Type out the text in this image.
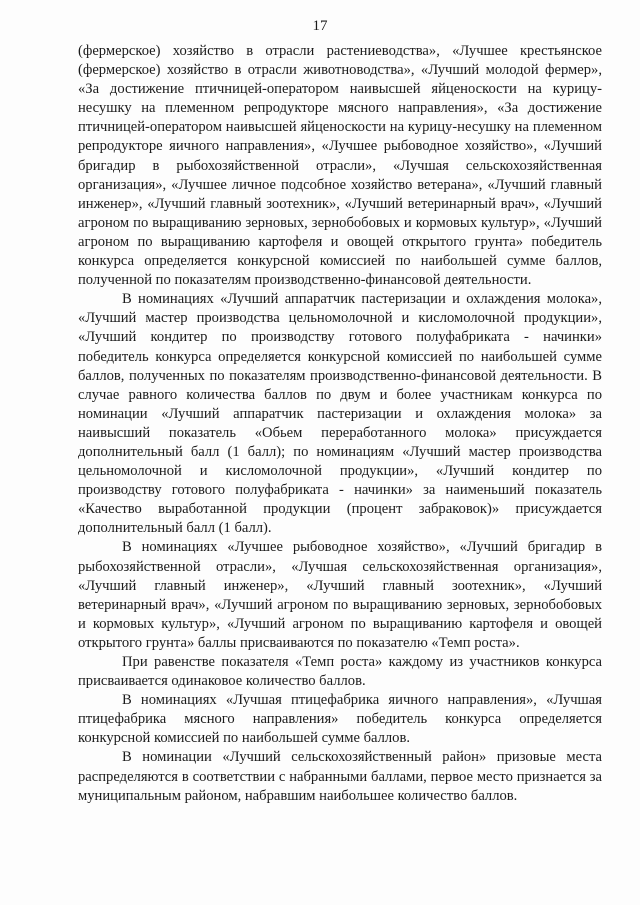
17

(фермерское) хозяйство в отрасли растениеводства», «Лучшее крестьянское (фермерское) хозяйство в отрасли животноводства», «Лучший молодой фермер», «За достижение птичницей-оператором наивысшей яйценоскости на курицу-несушку на племенном репродукторе мясного направления», «За достижение птичницей-оператором наивысшей яйценоскости на курицу-несушку на племенном репродукторе яичного направления», «Лучшее рыбоводное хозяйство», «Лучший бригадир в рыбохозяйственной отрасли», «Лучшая сельскохозяйственная организация», «Лучшее личное подсобное хозяйство ветерана», «Лучший главный инженер», «Лучший главный зоотехник», «Лучший ветеринарный врач», «Лучший агроном по выращиванию зерновых, зернобобовых и кормовых культур», «Лучший агроном по выращиванию картофеля и овощей открытого грунта» победитель конкурса определяется конкурсной комиссией по наибольшей сумме баллов, полученной по показателям производственно-финансовой деятельности.

В номинациях «Лучший аппаратчик пастеризации и охлаждения молока», «Лучший мастер производства цельномолочной и кисломолочной продукции», «Лучший кондитер по производству готового полуфабриката - начинки» победитель конкурса определяется конкурсной комиссией по наибольшей сумме баллов, полученных по показателям производственно-финансовой деятельности. В случае равного количества баллов по двум и более участникам конкурса по номинации «Лучший аппаратчик пастеризации и охлаждения молока» за наивысший показатель «Обьем переработанного молока» присуждается дополнительный балл (1 балл); по номинациям «Лучший мастер производства цельномолочной и кисломолочной продукции», «Лучший кондитер по производству готового полуфабриката - начинки» за наименьший показатель «Качество выработанной продукции (процент забраковок)» присуждается дополнительный балл (1 балл).

В номинациях «Лучшее рыбоводное хозяйство», «Лучший бригадир в рыбохозяйственной отрасли», «Лучшая сельскохозяйственная организация», «Лучший главный инженер», «Лучший главный зоотехник», «Лучший ветеринарный врач», «Лучший агроном по выращиванию зерновых, зернобобовых и кормовых культур», «Лучший агроном по выращиванию картофеля и овощей открытого грунта» баллы присваиваются по показателю «Темп роста».

При равенстве показателя «Темп роста» каждому из участников конкурса присваивается одинаковое количество баллов.

В номинациях «Лучшая птицефабрика яичного направления», «Лучшая птицефабрика мясного направления» победитель конкурса определяется конкурсной комиссией по наибольшей сумме баллов.

В номинации «Лучший сельскохозяйственный район» призовые места распределяются в соответствии с набранными баллами, первое место признается за муниципальным районом, набравшим наибольшее количество баллов.
